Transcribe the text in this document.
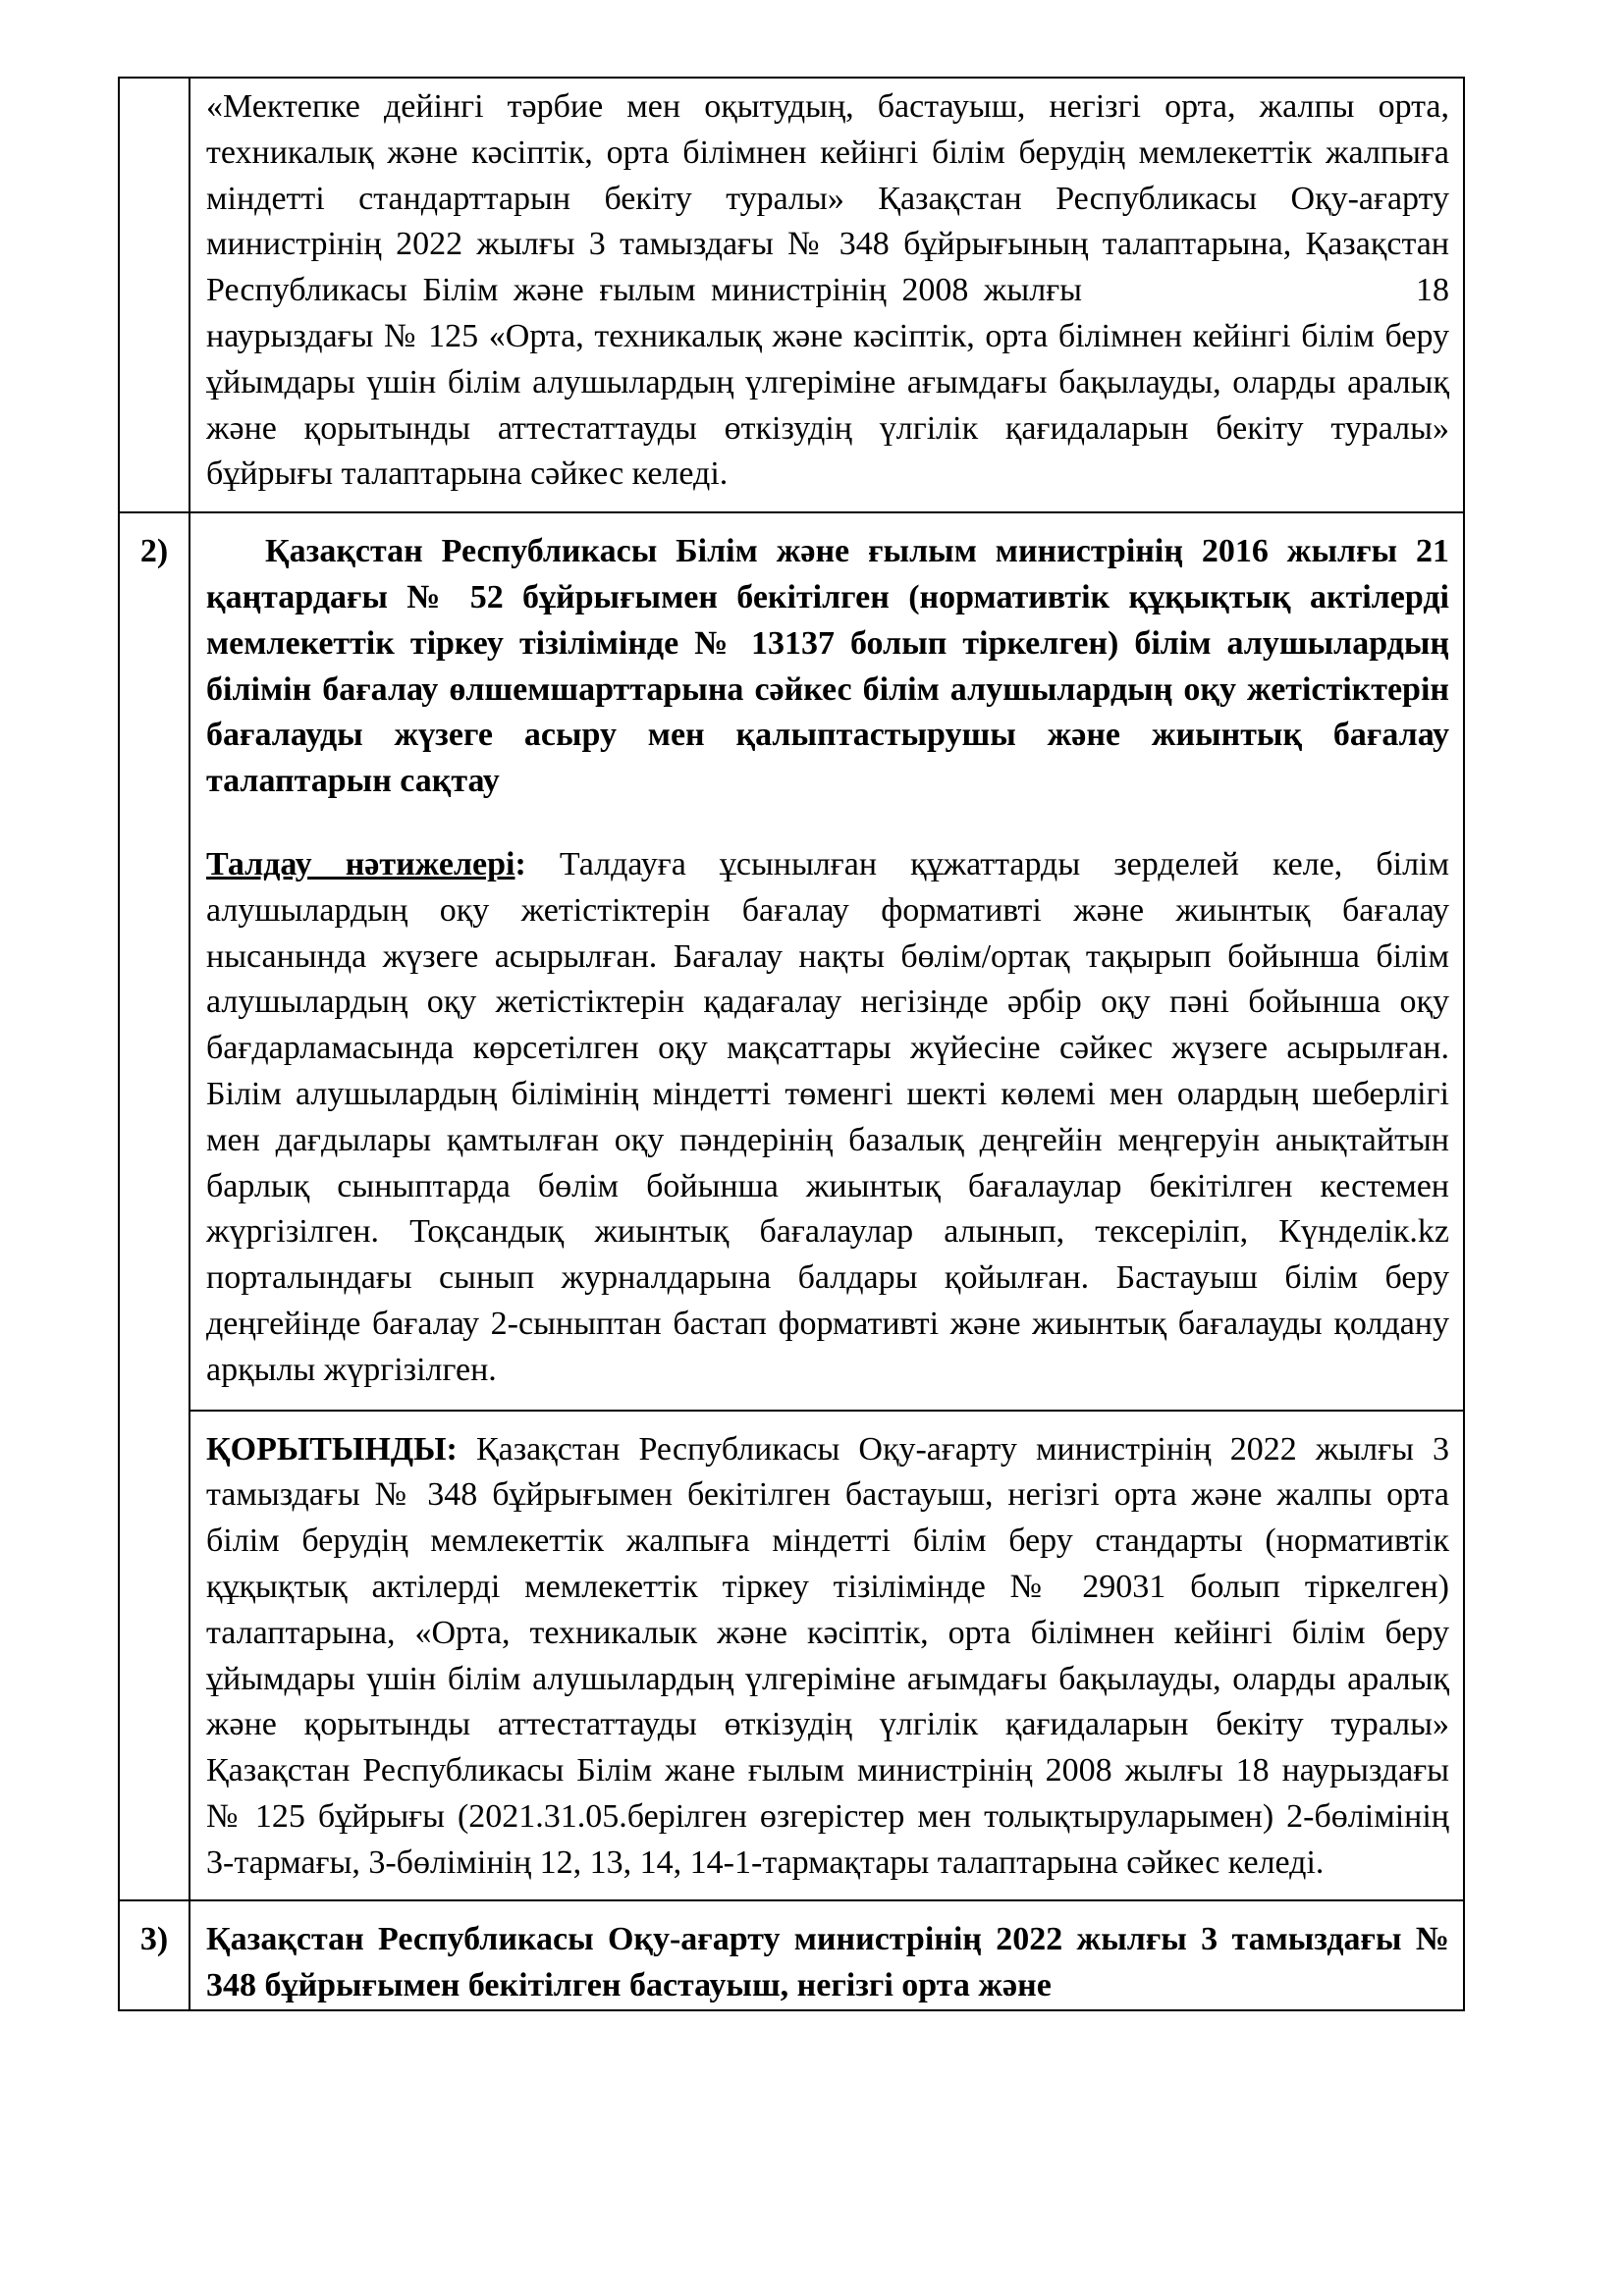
	«Мектепке дейінгі тәрбие мен оқытудың, бастауыш, негізгі орта, жалпы орта, техникалық және кәсіптік, орта білімнен кейінгі білім берудің мемлекеттік жалпыға міндетті стандарттарын бекіту туралы» Қазақстан Республикасы Оқу-ағарту министрінің 2022 жылғы 3 тамыздағы № 348 бұйрығының талаптарына, Қазақстан Республикасы Білім және ғылым министрінің 2008 жылғы 18 наурыздағы № 125 «Орта, техникалық және кәсіптік, орта білімнен кейінгі білім беру ұйымдары үшін білім алушылардың үлгеріміне ағымдағы бақылауды, оларды аралық және қорытынды аттестаттауды өткізудің үлгілік қағидаларын бекіту туралы» бұйрығы талаптарына сәйкес келеді.

2)	Қазақстан Республикасы Білім және ғылым министрінің 2016 жылғы 21 қаңтардағы № 52 бұйрығымен бекітілген (нормативтік құқықтық актілерді мемлекеттік тіркеу тізілімінде № 13137 болып тіркелген) білім алушылардың білімін бағалау өлшемшарттарына сәйкес білім алушылардың оқу жетістіктерін бағалауды жүзеге асыру мен қалыптастырушы және жиынтық бағалау талаптарын сақтау

Талдау нәтижелері: Талдауға ұсынылған құжаттарды зерделей келе, білім алушылардың оқу жетістіктерін бағалау формативті және жиынтық бағалау нысанында жүзеге асырылған. Бағалау нақты бөлім/ортақ тақырып бойынша білім алушылардың оқу жетістіктерін қадағалау негізінде әрбір оқу пәні бойынша оқу бағдарламасында көрсетілген оқу мақсаттары жүйесіне сәйкес жүзеге асырылған. Білім алушылардың білімінің міндетті төменгі шекті көлемі мен олардың шеберлігі мен дағдылары қамтылған оқу пәндерінің базалық деңгейін меңгеруін анықтайтын барлық сыныптарда бөлім бойынша жиынтық бағалаулар бекітілген кестемен жүргізілген. Тоқсандық жиынтық бағалаулар алынып, тексеріліп, Күнделік.kz порталындағы сынып журналдарына балдары қойылған. Бастауыш білім беру деңгейінде бағалау 2-сыныптан бастап формативті және жиынтық бағалауды қолдану арқылы жүргізілген.

	ҚОРЫТЫНДЫ: Қазақстан Республикасы Оқу-ағарту министрінің 2022 жылғы 3 тамыздағы № 348 бұйрығымен бекітілген бастауыш, негізгі орта және жалпы орта білім берудің мемлекеттік жалпыға міндетті білім беру стандарты (нормативтік құқықтық актілерді мемлекеттік тіркеу тізілімінде № 29031 болып тіркелген) талаптарына, «Орта, техникалык және кәсіптік, орта білімнен кейінгі білім беру ұйымдары үшін білім алушылардың үлгеріміне ағымдағы бақылауды, оларды аралық және қорытынды аттестаттауды өткізудің үлгілік қағидаларын бекіту туралы» Қазақстан Республикасы Білім жане ғылым министрінің 2008 жылғы 18 наурыздағы № 125 бұйрығы (2021.31.05.берілген өзгерістер мен толықтыруларымен) 2-бөлімінің 3-тармағы, 3-бөлімінің 12, 13, 14, 14-1-тармақтары талаптарына сәйкес келеді.

3)	Қазақстан Республикасы Оқу-ағарту министрінің 2022 жылғы 3 тамыздағы № 348 бұйрығымен бекітілген бастауыш, негізгі орта және
